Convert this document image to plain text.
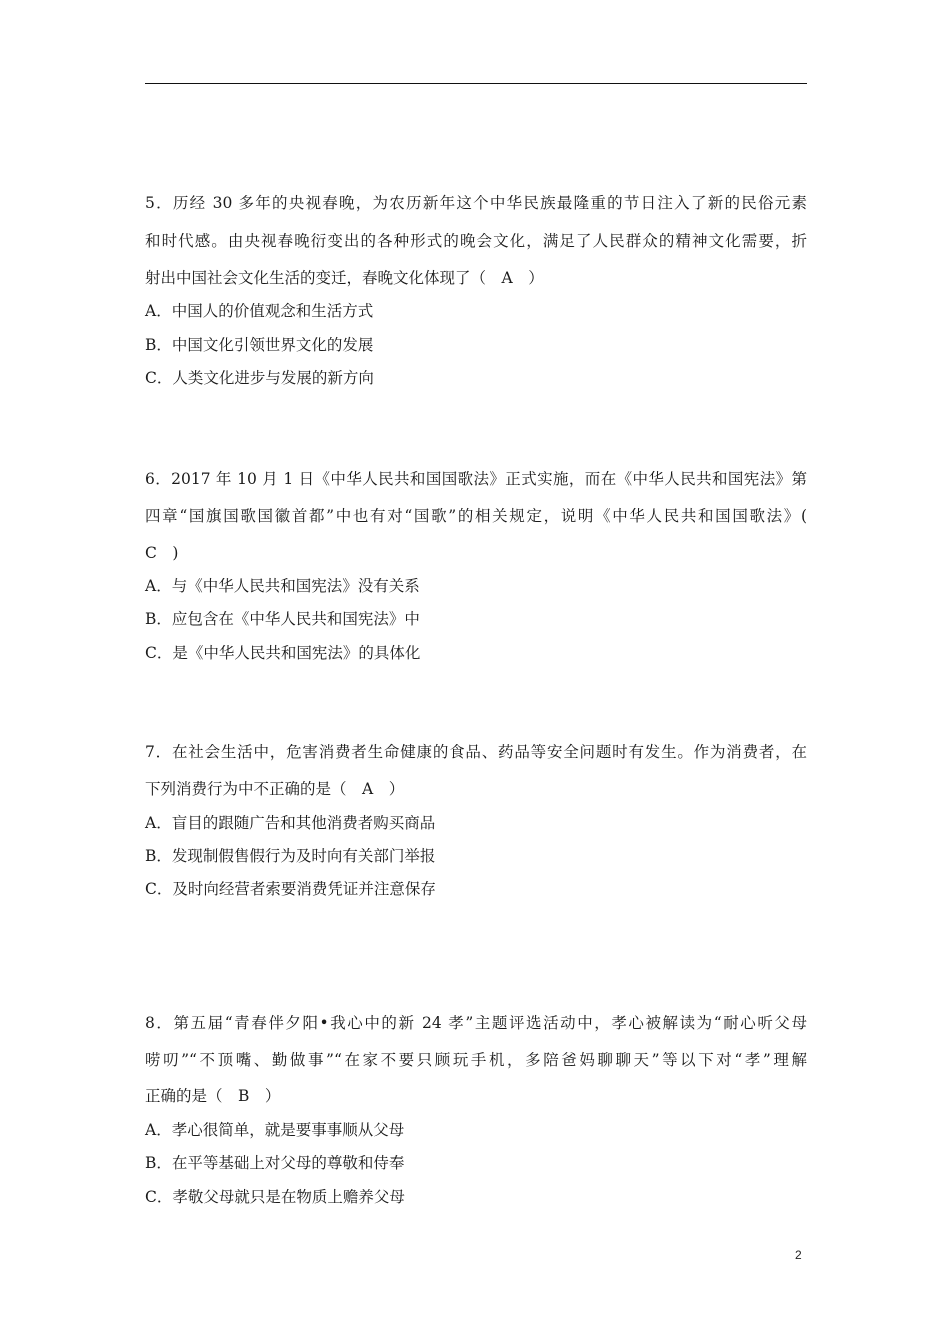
5．历经 30 多年的央视春晚，为农历新年这个中华民族最隆重的节日注入了新的民俗元素
和时代感。由央视春晚衍变出的各种形式的晚会文化，满足了人民群众的精神文化需要，折
射出中国社会文化生活的变迁，春晚文化体现了（　A　）
A．中国人的价值观念和生活方式
B．中国文化引领世界文化的发展
C．人类文化进步与发展的新方向
6．2017 年 10 月 1 日《中华人民共和国国歌法》正式实施，而在《中华人民共和国宪法》第
四章“国旗国歌国徽首都”中也有对“国歌”的相关规定，说明《中华人民共和国国歌法》(
C　)
A．与《中华人民共和国宪法》没有关系
B．应包含在《中华人民共和国宪法》中
C．是《中华人民共和国宪法》的具体化
7．在社会生活中，危害消费者生命健康的食品、药品等安全问题时有发生。作为消费者，在
下列消费行为中不正确的是（　A　）
A．盲目的跟随广告和其他消费者购买商品
B．发现制假售假行为及时向有关部门举报
C．及时向经营者索要消费凭证并注意保存
8．第五届“青春伴夕阳•我心中的新 24 孝”主题评选活动中，孝心被解读为“耐心听父母
唠叨”“不顶嘴、勤做事”“在家不要只顾玩手机，多陪爸妈聊聊天”等以下对“孝”理解
正确的是（　B　）
A．孝心很简单，就是要事事顺从父母
B．在平等基础上对父母的尊敬和侍奉
C．孝敬父母就只是在物质上赡养父母
2
